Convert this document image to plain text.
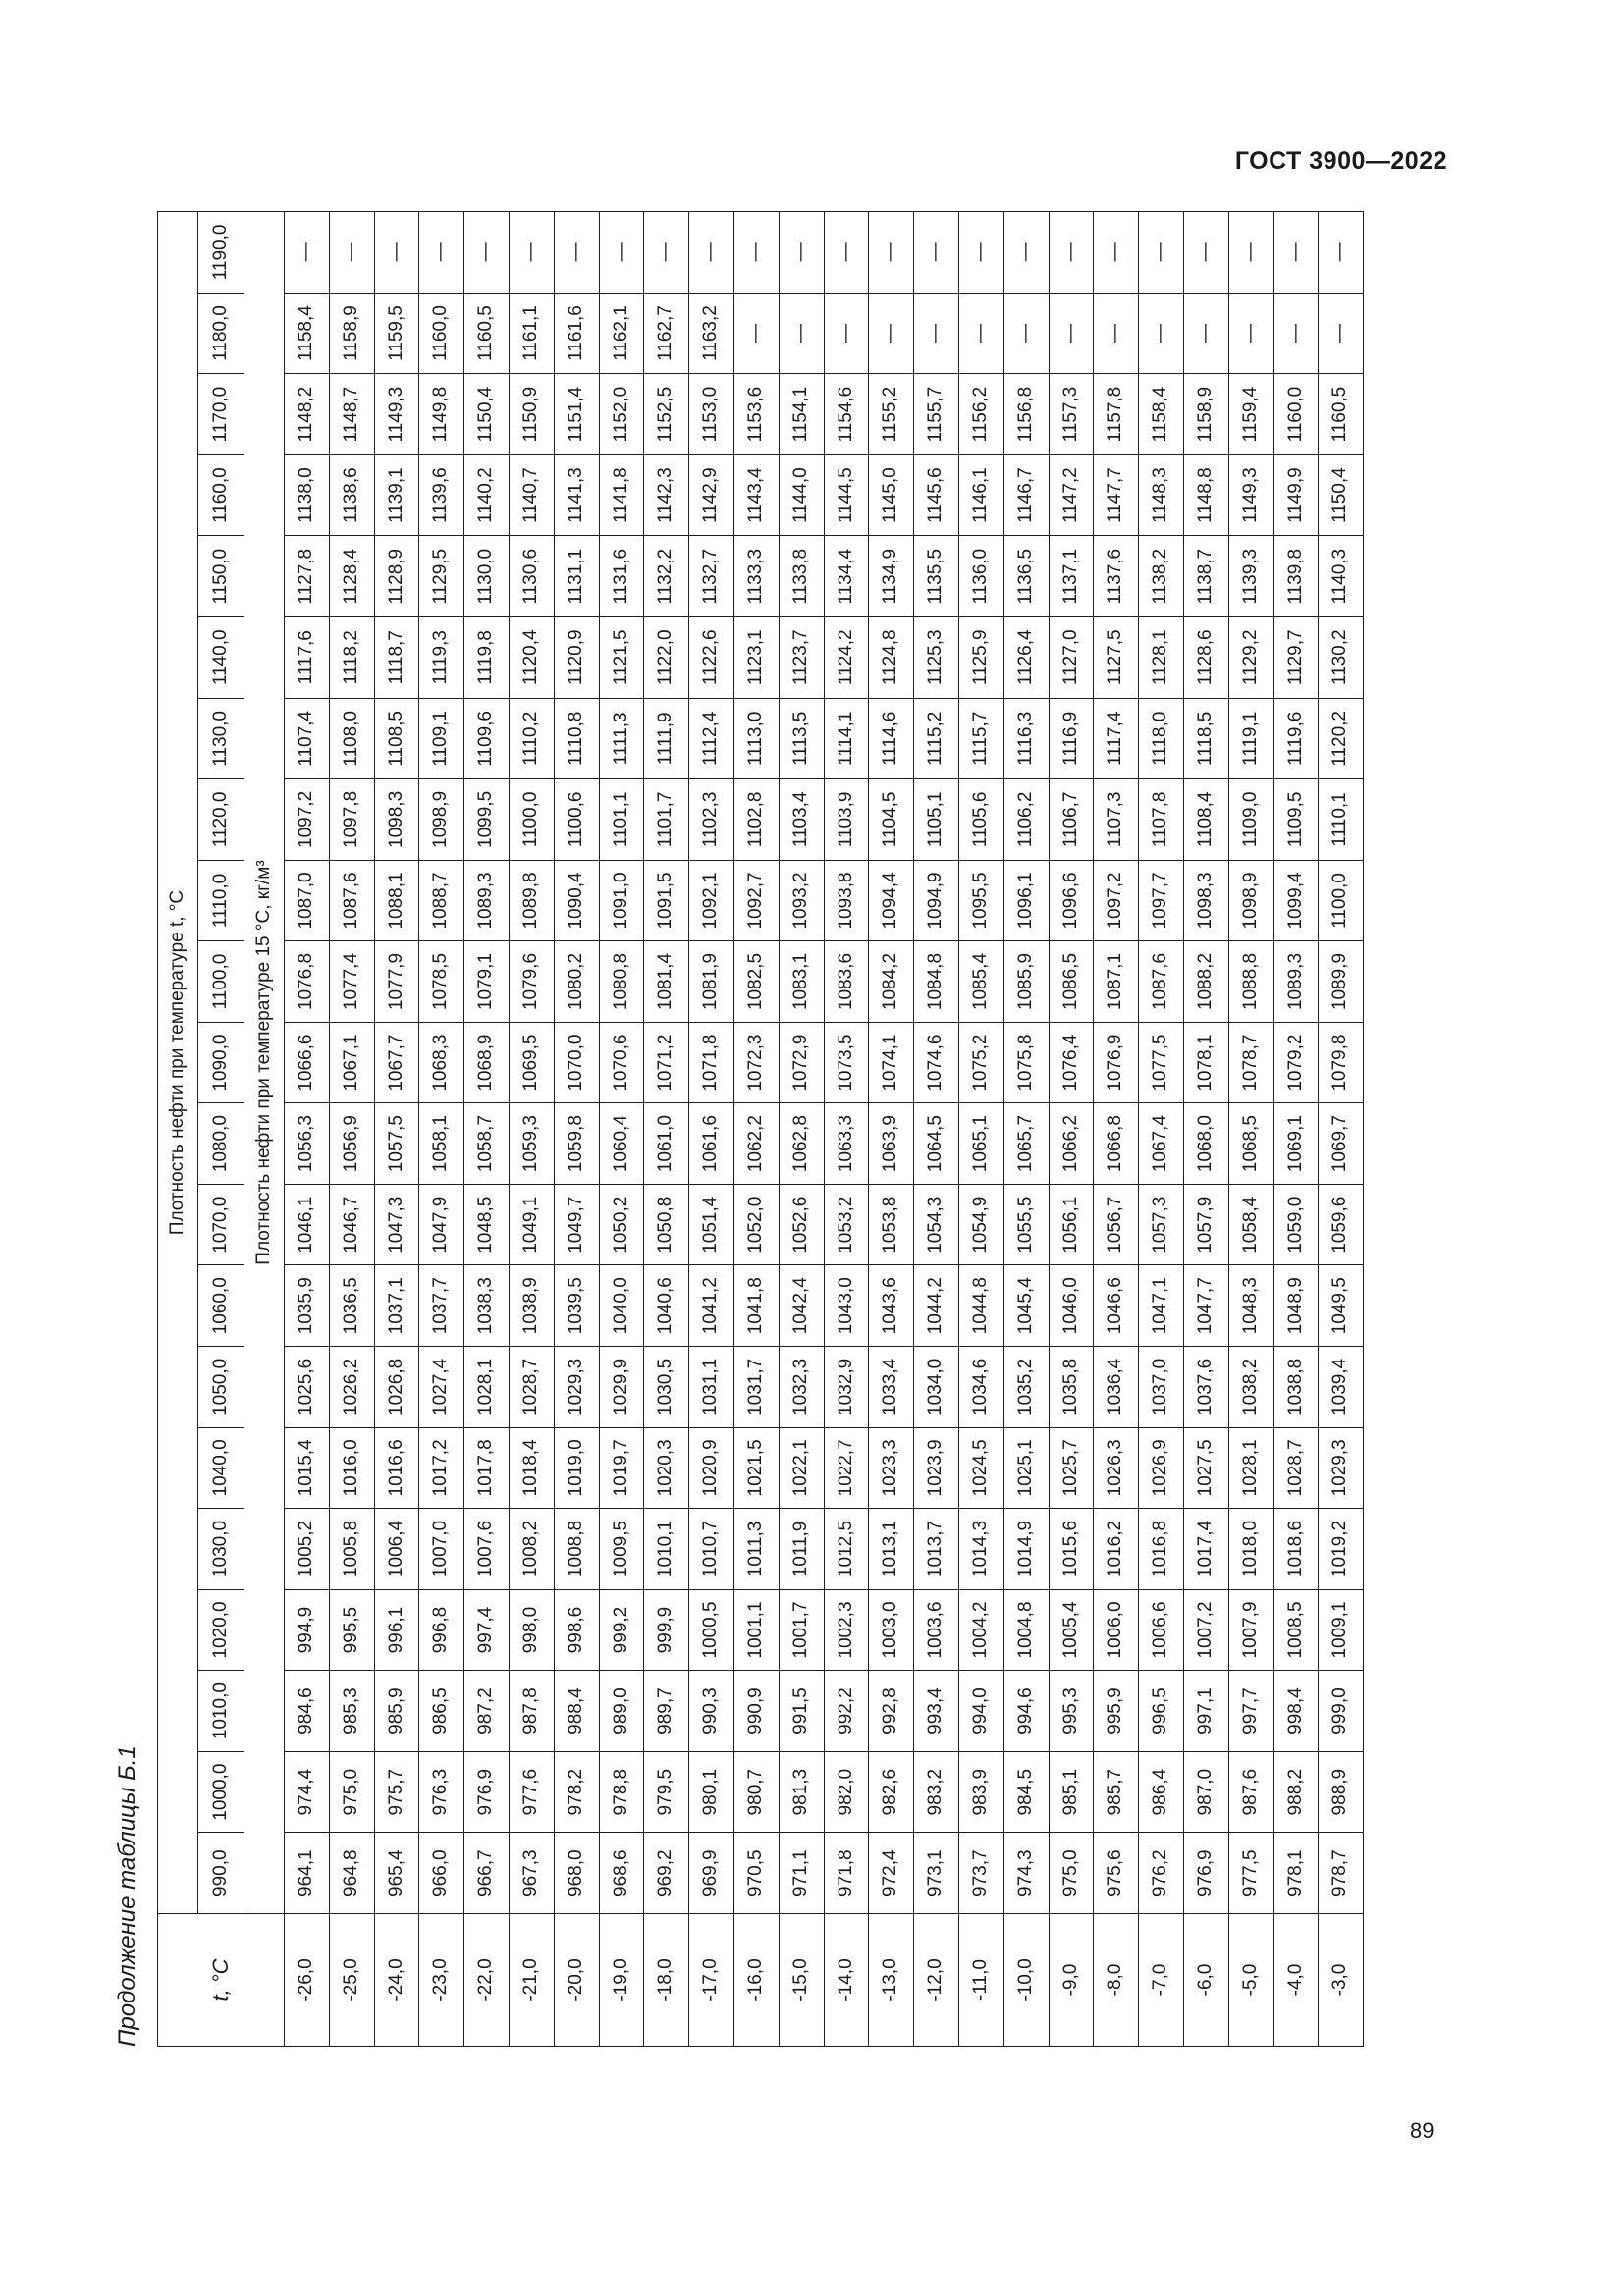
ГОСТ 3900—2022
Продолжение таблицы Б.1	t, °C	Плотность нефти при температуре t, °C																				
	990,0	1000,0	1010,0	1020,0	1030,0	1040,0	1050,0	1060,0	1070,0	1080,0	1090,0	1100,0	1110,0	1120,0	1130,0	1140,0	1150,0	1160,0	1170,0	1180,0	1190,0
	Плотность нефти при температуре 15 °C, кг/м³																				
-26,0	964,1	974,4	984,6	994,9	1005,2	1015,4	1025,6	1035,9	1046,1	1056,3	1066,6	1076,8	1087,0	1097,2	1107,4	1117,6	1127,8	1138,0	1148,2	1158,4	—
-25,0	964,8	975,0	985,3	995,5	1005,8	1016,0	1026,2	1036,5	1046,7	1056,9	1067,1	1077,4	1087,6	1097,8	1108,0	1118,2	1128,4	1138,6	1148,7	1158,9	—
-24,0	965,4	975,7	985,9	996,1	1006,4	1016,6	1026,8	1037,1	1047,3	1057,5	1067,7	1077,9	1088,1	1098,3	1108,5	1118,7	1128,9	1139,1	1149,3	1159,5	—
-23,0	966,0	976,3	986,5	996,8	1007,0	1017,2	1027,4	1037,7	1047,9	1058,1	1068,3	1078,5	1088,7	1098,9	1109,1	1119,3	1129,5	1139,6	1149,8	1160,0	—
-22,0	966,7	976,9	987,2	997,4	1007,6	1017,8	1028,1	1038,3	1048,5	1058,7	1068,9	1079,1	1089,3	1099,5	1109,6	1119,8	1130,0	1140,2	1150,4	1160,5	—
-21,0	967,3	977,6	987,8	998,0	1008,2	1018,4	1028,7	1038,9	1049,1	1059,3	1069,5	1079,6	1089,8	1100,0	1110,2	1120,4	1130,6	1140,7	1150,9	1161,1	—
-20,0	968,0	978,2	988,4	998,6	1008,8	1019,0	1029,3	1039,5	1049,7	1059,8	1070,0	1080,2	1090,4	1100,6	1110,8	1120,9	1131,1	1141,3	1151,4	1161,6	—
-19,0	968,6	978,8	989,0	999,2	1009,5	1019,7	1029,9	1040,0	1050,2	1060,4	1070,6	1080,8	1091,0	1101,1	1111,3	1121,5	1131,6	1141,8	1152,0	1162,1	—
-18,0	969,2	979,5	989,7	999,9	1010,1	1020,3	1030,5	1040,6	1050,8	1061,0	1071,2	1081,4	1091,5	1101,7	1111,9	1122,0	1132,2	1142,3	1152,5	1162,7	—
-17,0	969,9	980,1	990,3	1000,5	1010,7	1020,9	1031,1	1041,2	1051,4	1061,6	1071,8	1081,9	1092,1	1102,3	1112,4	1122,6	1132,7	1142,9	1153,0	1163,2	—
-16,0	970,5	980,7	990,9	1001,1	1011,3	1021,5	1031,7	1041,8	1052,0	1062,2	1072,3	1082,5	1092,7	1102,8	1113,0	1123,1	1133,3	1143,4	1153,6	—	—
-15,0	971,1	981,3	991,5	1001,7	1011,9	1022,1	1032,3	1042,4	1052,6	1062,8	1072,9	1083,1	1093,2	1103,4	1113,5	1123,7	1133,8	1144,0	1154,1	—	—
-14,0	971,8	982,0	992,2	1002,3	1012,5	1022,7	1032,9	1043,0	1053,2	1063,3	1073,5	1083,6	1093,8	1103,9	1114,1	1124,2	1134,4	1144,5	1154,6	—	—
-13,0	972,4	982,6	992,8	1003,0	1013,1	1023,3	1033,4	1043,6	1053,8	1063,9	1074,1	1084,2	1094,4	1104,5	1114,6	1124,8	1134,9	1145,0	1155,2	—	—
-12,0	973,1	983,2	993,4	1003,6	1013,7	1023,9	1034,0	1044,2	1054,3	1064,5	1074,6	1084,8	1094,9	1105,1	1115,2	1125,3	1135,5	1145,6	1155,7	—	—
-11,0	973,7	983,9	994,0	1004,2	1014,3	1024,5	1034,6	1044,8	1054,9	1065,1	1075,2	1085,4	1095,5	1105,6	1115,7	1125,9	1136,0	1146,1	1156,2	—	—
-10,0	974,3	984,5	994,6	1004,8	1014,9	1025,1	1035,2	1045,4	1055,5	1065,7	1075,8	1085,9	1096,1	1106,2	1116,3	1126,4	1136,5	1146,7	1156,8	—	—
-9,0	975,0	985,1	995,3	1005,4	1015,6	1025,7	1035,8	1046,0	1056,1	1066,2	1076,4	1086,5	1096,6	1106,7	1116,9	1127,0	1137,1	1147,2	1157,3	—	—
-8,0	975,6	985,7	995,9	1006,0	1016,2	1026,3	1036,4	1046,6	1056,7	1066,8	1076,9	1087,1	1097,2	1107,3	1117,4	1127,5	1137,6	1147,7	1157,8	—	—
-7,0	976,2	986,4	996,5	1006,6	1016,8	1026,9	1037,0	1047,1	1057,3	1067,4	1077,5	1087,6	1097,7	1107,8	1118,0	1128,1	1138,2	1148,3	1158,4	—	—
-6,0	976,9	987,0	997,1	1007,2	1017,4	1027,5	1037,6	1047,7	1057,9	1068,0	1078,1	1088,2	1098,3	1108,4	1118,5	1128,6	1138,7	1148,8	1158,9	—	—
-5,0	977,5	987,6	997,7	1007,9	1018,0	1028,1	1038,2	1048,3	1058,4	1068,5	1078,7	1088,8	1098,9	1109,0	1119,1	1129,2	1139,3	1149,3	1159,4	—	—
-4,0	978,1	988,2	998,4	1008,5	1018,6	1028,7	1038,8	1048,9	1059,0	1069,1	1079,2	1089,3	1099,4	1109,5	1119,6	1129,7	1139,8	1149,9	1160,0	—	—
-3,0	978,7	988,9	999,0	1009,1	1019,2	1029,3	1039,4	1049,5	1059,6	1069,7	1079,8	1089,9	1100,0	1110,1	1120,2	1130,2	1140,3	1150,4	1160,5	—	—
89
